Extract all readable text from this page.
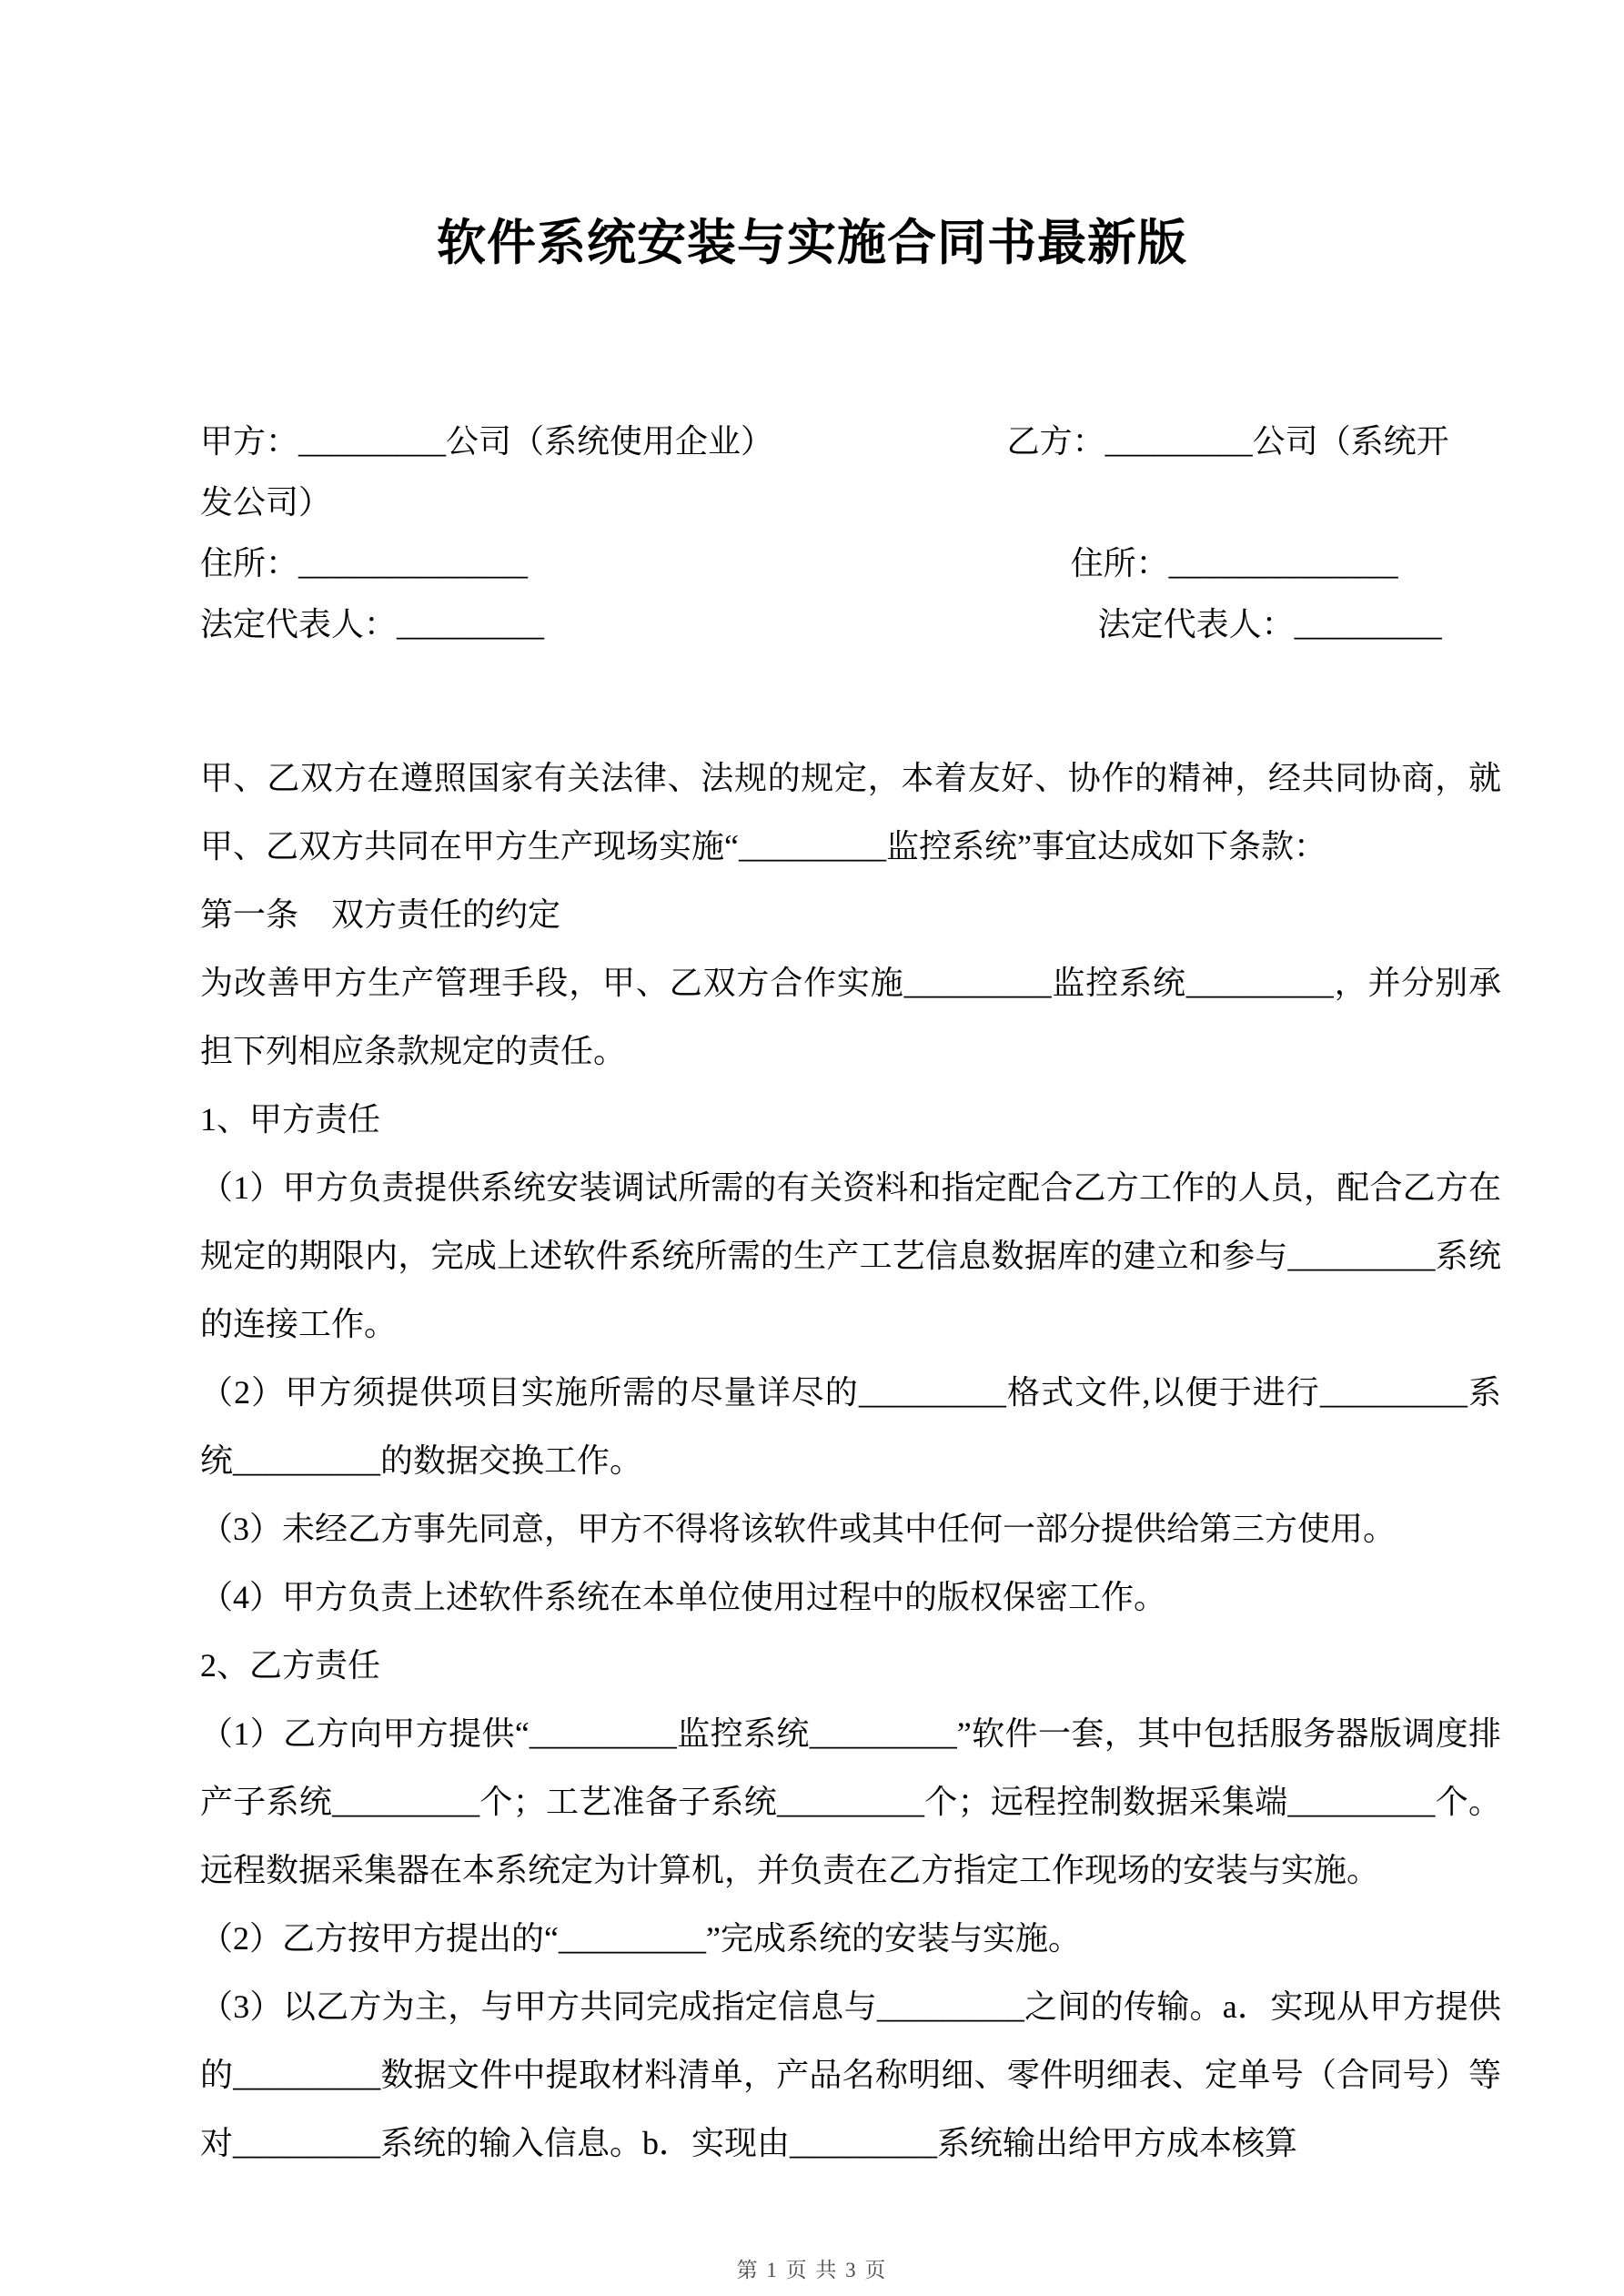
软件系统安装与实施合同书最新版
甲方：_________公司（系统使用企业）	乙方：_________公司（系统开
发公司）
住所：______________	住所：______________
法定代表人：_________	法定代表人：_________

甲、乙双方在遵照国家有关法律、法规的规定，本着友好、协作的精神，经共同协商，就甲、乙双方共同在甲方生产现场实施“_________监控系统”事宜达成如下条款：

第一条　双方责任的约定

为改善甲方生产管理手段，甲、乙双方合作实施_________监控系统_________，并分别承担下列相应条款规定的责任。

1、甲方责任

（1）甲方负责提供系统安装调试所需的有关资料和指定配合乙方工作的人员，配合乙方在规定的期限内，完成上述软件系统所需的生产工艺信息数据库的建立和参与_________系统的连接工作。

（2）甲方须提供项目实施所需的尽量详尽的_________格式文件,以便于进行_________系统_________的数据交换工作。

（3）未经乙方事先同意，甲方不得将该软件或其中任何一部分提供给第三方使用。

（4）甲方负责上述软件系统在本单位使用过程中的版权保密工作。

2、乙方责任

（1）乙方向甲方提供“_________监控系统_________”软件一套，其中包括服务器版调度排产子系统_________个；工艺准备子系统_________个；远程控制数据采集端_________个。远程数据采集器在本系统定为计算机，并负责在乙方指定工作现场的安装与实施。

（2）乙方按甲方提出的“_________”完成系统的安装与实施。

（3）以乙方为主，与甲方共同完成指定信息与_________之间的传输。a．实现从甲方提供的_________数据文件中提取材料清单，产品名称明细、零件明细表、定单号（合同号）等对_________系统的输入信息。b．实现由_________系统输出给甲方成本核算

第 1 页 共 3 页
